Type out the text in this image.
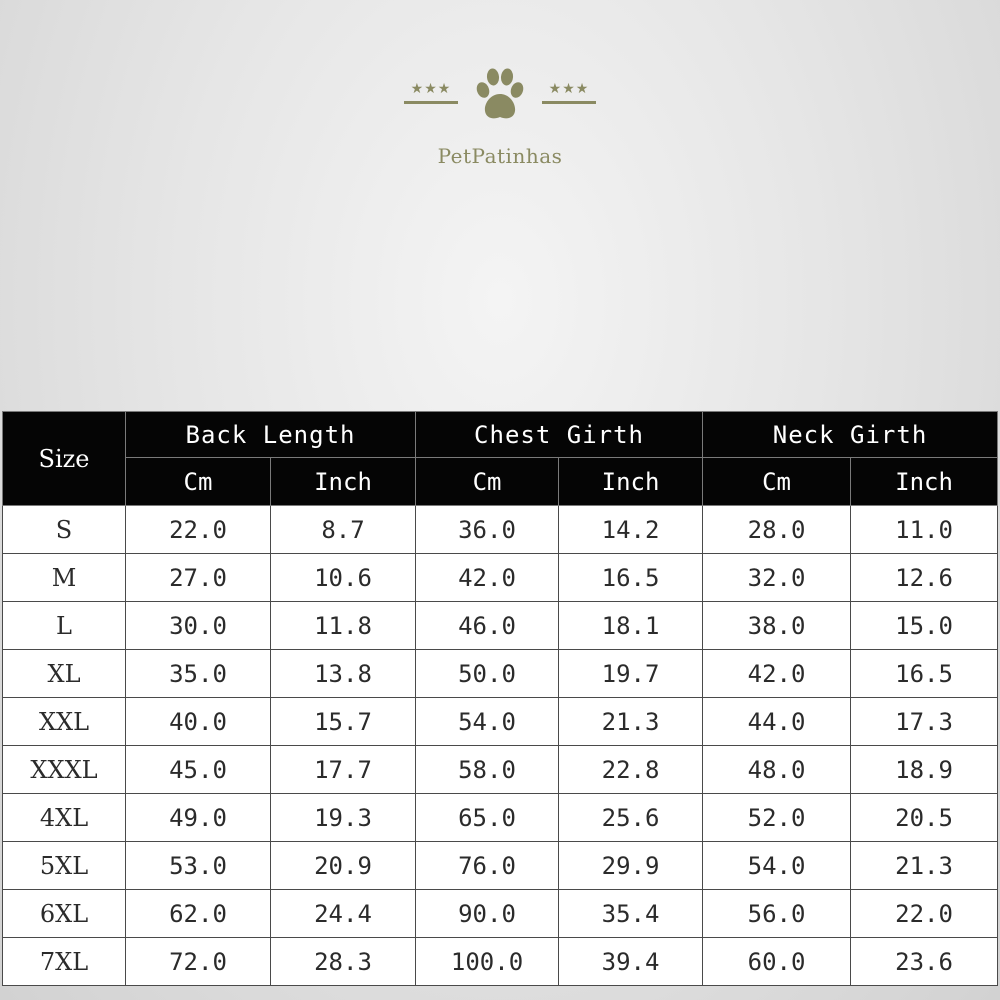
★★★	★★★
PetPatinhas
Size	Back Length		Chest Girth		Neck Girth	
	Cm	Inch	Cm	Inch	Cm	Inch
S	22.0	8.7	36.0	14.2	28.0	11.0
M	27.0	10.6	42.0	16.5	32.0	12.6
L	30.0	11.8	46.0	18.1	38.0	15.0
XL	35.0	13.8	50.0	19.7	42.0	16.5
XXL	40.0	15.7	54.0	21.3	44.0	17.3
XXXL	45.0	17.7	58.0	22.8	48.0	18.9
4XL	49.0	19.3	65.0	25.6	52.0	20.5
5XL	53.0	20.9	76.0	29.9	54.0	21.3
6XL	62.0	24.4	90.0	35.4	56.0	22.0
7XL	72.0	28.3	100.0	39.4	60.0	23.6
